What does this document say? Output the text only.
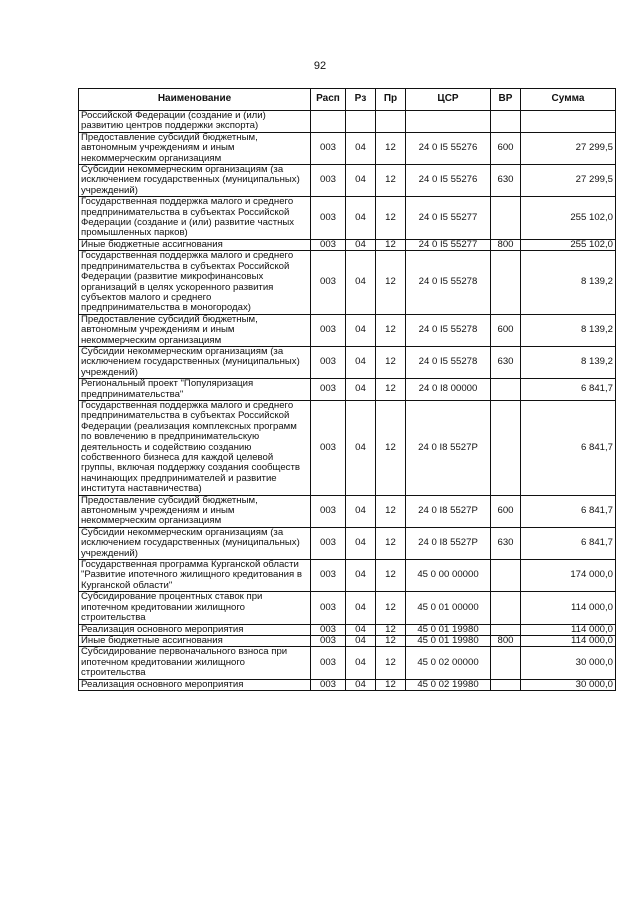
92
Наименование	Расп	Рз	Пр	ЦСР	ВР	Сумма
Российской Федерации (создание и (или) развитию центров поддержки экспорта)						
Предоставление субсидий бюджетным, автономным учреждениям и иным некоммерческим организациям	003	04	12	24 0 I5 55276	600	27 299,5
Субсидии некоммерческим организациям (за исключением государственных (муниципальных) учреждений)	003	04	12	24 0 I5 55276	630	27 299,5
Государственная поддержка малого и среднего предпринимательства в субъектах Российской Федерации (создание и (или) развитие частных промышленных парков)	003	04	12	24 0 I5 55277		255 102,0
Иные бюджетные ассигнования	003	04	12	24 0 I5 55277	800	255 102,0
Государственная поддержка малого и среднего предпринимательства в субъектах Российской Федерации (развитие микрофинансовых организаций в целях ускоренного развития субъектов малого и среднего предпринимательства в моногородах)	003	04	12	24 0 I5 55278		8 139,2
Предоставление субсидий бюджетным, автономным учреждениям и иным некоммерческим организациям	003	04	12	24 0 I5 55278	600	8 139,2
Субсидии некоммерческим организациям (за исключением государственных (муниципальных) учреждений)	003	04	12	24 0 I5 55278	630	8 139,2
Региональный проект "Популяризация предпринимательства"	003	04	12	24 0 I8 00000		6 841,7
Государственная поддержка малого и среднего предпринимательства в субъектах Российской Федерации (реализация комплексных программ по вовлечению в предпринимательскую деятельность и содействию созданию собственного бизнеса для каждой целевой группы, включая поддержку создания сообществ начинающих предпринимателей и развитие института наставничества)	003	04	12	24 0 I8 5527P		6 841,7
Предоставление субсидий бюджетным, автономным учреждениям и иным некоммерческим организациям	003	04	12	24 0 I8 5527P	600	6 841,7
Субсидии некоммерческим организациям (за исключением государственных (муниципальных) учреждений)	003	04	12	24 0 I8 5527P	630	6 841,7
Государственная программа Курганской области "Развитие ипотечного жилищного кредитования в Курганской области"	003	04	12	45 0 00 00000		174 000,0
Субсидирование процентных ставок при ипотечном кредитовании жилищного строительства	003	04	12	45 0 01 00000		114 000,0
Реализация основного мероприятия	003	04	12	45 0 01 19980		114 000,0
Иные бюджетные ассигнования	003	04	12	45 0 01 19980	800	114 000,0
Субсидирование первоначального взноса при ипотечном кредитовании жилищного строительства	003	04	12	45 0 02 00000		30 000,0
Реализация основного мероприятия	003	04	12	45 0 02 19980		30 000,0
